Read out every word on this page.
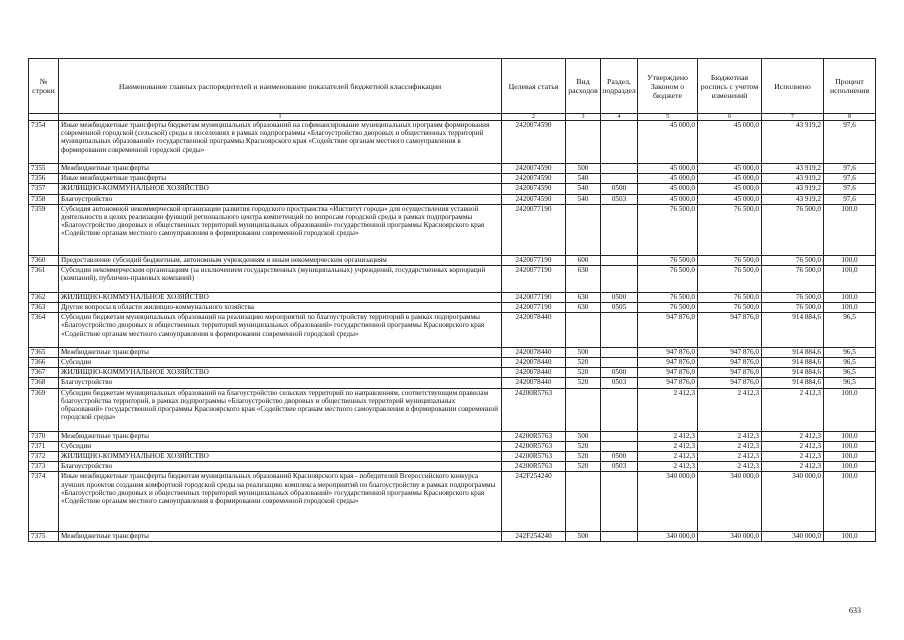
№ строки	Наименование главных распорядителей и наименование показателей бюджетной классификации	Целевая статья	Вид расходов	Раздел, подраздел	Утверждено Законом о бюджете	Бюджетная роспись с учетом изменений	Исполнено	Процент исполнения
	1	2	3	4	5	6	7	8
7354	Иные межбюджетные трансферты бюджетам муниципальных образований на софинансирование муниципальных программ формирования современной городской (сельской) среды в поселениях в рамках подпрограммы «Благоустройство дворовых и общественных территорий муниципальных образований» государственной программы Красноярского края «Содействие органам местного самоуправления в формировании современной городской среды»	2420074590			45 000,0	45 000,0	43 919,2	97,6
7355	Межбюджетные трансферты	2420074590	500		45 000,0	45 000,0	43 919,2	97,6
7356	Иные межбюджетные трансферты	2420074590	540		45 000,0	45 000,0	43 919,2	97,6
7357	ЖИЛИЩНО-КОММУНАЛЬНОЕ ХОЗЯЙСТВО	2420074590	540	0500	45 000,0	45 000,0	43 919,2	97,6
7358	Благоустройство	2420074590	540	0503	45 000,0	45 000,0	43 919,2	97,6
7359	Субсидия автономной некоммерческой организации развития городского пространства «Институт города» для осуществления уставной деятельности в целях реализации функций регионального центра компетенций по вопросам городской среды в рамках подпрограммы «Благоустройство дворовых и общественных территорий муниципальных образований» государственной программы Красноярского края «Содействие органам местного самоуправления в формировании современной городской среды»	2420077190			76 500,0	76 500,0	76 500,0	100,0
7360	Предоставление субсидий бюджетным, автономным учреждениям и иным некоммерческим организациям	2420077190	600		76 500,0	76 500,0	76 500,0	100,0
7361	Субсидии некоммерческим организациям (за исключением государственных (муниципальных) учреждений, государственных корпораций (компаний), публично-правовых компаний)	2420077190	630		76 500,0	76 500,0	76 500,0	100,0
7362	ЖИЛИЩНО-КОММУНАЛЬНОЕ ХОЗЯЙСТВО	2420077190	630	0500	76 500,0	76 500,0	76 500,0	100,0
7363	Другие вопросы в области жилищно-коммунального хозяйства	2420077190	630	0505	76 500,0	76 500,0	76 500,0	100,0
7364	Субсидии бюджетам муниципальных образований на реализацию мероприятий по благоустройству территорий в рамках подпрограммы «Благоустройство дворовых и общественных территорий муниципальных образований» государственной программы Красноярского края «Содействие органам местного самоуправления в формировании современной городской среды»	2420078440			947 876,0	947 876,0	914 884,6	96,5
7365	Межбюджетные трансферты	2420078440	500		947 876,0	947 876,0	914 884,6	96,5
7366	Субсидии	2420078440	520		947 876,0	947 876,0	914 884,6	96,5
7367	ЖИЛИЩНО-КОММУНАЛЬНОЕ ХОЗЯЙСТВО	2420078440	520	0500	947 876,0	947 876,0	914 884,6	96,5
7368	Благоустройство	2420078440	520	0503	947 876,0	947 876,0	914 884,6	96,5
7369	Субсидии бюджетам муниципальных образований на благоустройство сельских территорий по направлениям, соответствующим правилам благоустройства территорий, в рамках подпрограммы «Благоустройство дворовых и общественных территорий муниципальных образований» государственной программы Красноярского края «Содействие органам местного самоуправления в формировании современной городской среды»	24200R5763			2 412,3	2 412,3	2 412,3	100,0
7370	Межбюджетные трансферты	24200R5763	500		2 412,3	2 412,3	2 412,3	100,0
7371	Субсидии	24200R5763	520		2 412,3	2 412,3	2 412,3	100,0
7372	ЖИЛИЩНО-КОММУНАЛЬНОЕ ХОЗЯЙСТВО	24200R5763	520	0500	2 412,3	2 412,3	2 412,3	100,0
7373	Благоустройство	24200R5763	520	0503	2 412,3	2 412,3	2 412,3	100,0
7374	Иные межбюджетные трансферты бюджетам муниципальных образований Красноярского края - победителей Всероссийского конкурса лучших проектов создания комфортной городской среды на реализацию комплекса мероприятий по благоустройству в рамках подпрограммы «Благоустройство дворовых и общественных территорий муниципальных образований» государственной программы Красноярского края «Содействие органам местного самоуправления в формировании современной городской среды»	242F254240			340 000,0	340 000,0	340 000,0	100,0
7375	Межбюджетные трансферты	242F254240	500		340 000,0	340 000,0	340 000,0	100,0
633
